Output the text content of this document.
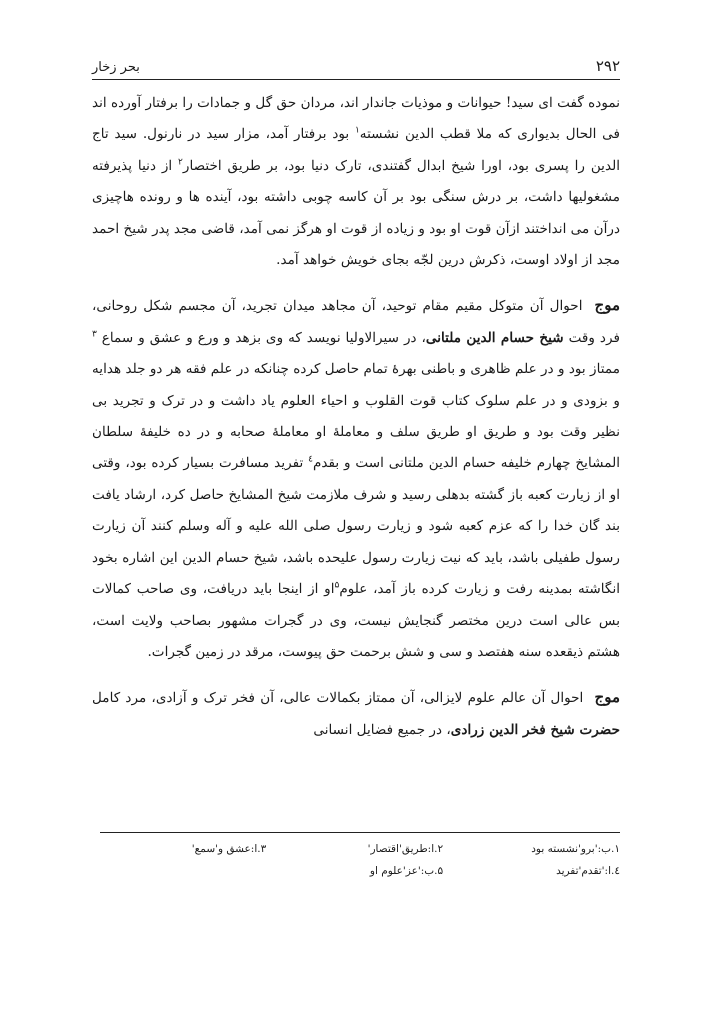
بحر زخار	۲۹۲

نموده گفت ای سید! حیوانات و موذیات جاندار اند، مردان حق گل و جمادات را برفتار آورده اند فی الحال بدیواری که ملا قطب الدین نشسته$^۱$ بود برفتار آمد، مزار سید در نارنول. سید تاج الدین را پسری بود، اورا شیخ ابدال گفتندی، تارک دنیا بود، بر طریق اختصار$^۲$ از دنیا پذیرفته مشغولیها داشت، بر درش سنگی بود بر آن کاسه چوبی داشته بود، آینده ها و رونده هاچیزی درآن می انداختند ازآن قوت او بود و زیاده از قوت او هرگز نمی آمد، قاضی مجد پدر شیخ احمد مجد از اولاد اوست، ذکرش درین لجّه بجای خویش خواهد آمد.

موج احوال آن متوکل مقیم مقام توحید، آن مجاهد میدان تجرید، آن مجسم شکل روحانی، فرد وقت شیخ حسام الدین ملتانی، در سیرالاولیا نویسد که وی بزهد و ورع و عشق و سماع $^۳$ ممتاز بود و در علم ظاهری و باطنی بهرهٔ تمام حاصل کرده چنانکه در علم فقه هر دو جلد هدایه و بزودی و در علم سلوک کتاب قوت القلوب و احیاء العلوم یاد داشت و در ترک و تجرید بی نظیر وقت بود و طریق او طریق سلف و معاملهٔ او معاملهٔ صحابه و در ده خلیفهٔ سلطان المشایخ چهارم خلیفه حسام الدین ملتانی است و بقدم$^٤$ تفرید مسافرت بسیار کرده بود، وقتی او از زیارت کعبه باز گشته بدهلی رسید و شرف ملازمت شیخ المشایخ حاصل کرد، ارشاد یافت بند گان خدا را که عزم کعبه شود و زیارت رسول صلی الله علیه و آله وسلم کنند آن زیارت رسول طفیلی باشد، باید که نیت زیارت رسول علیحده باشد، شیخ حسام الدین این اشاره بخود انگاشته بمدینه رفت و زیارت کرده باز آمد، علوم$^۵$او از اینجا باید دریافت، وی صاحب کمالات بس عالی است درین مختصر گنجایش نیست، وی در گجرات مشهور بصاحب ولایت است، هشتم ذیقعده سنه هفتصد و سی و شش برحمت حق پیوست، مرقد در زمین گجرات.

موج احوال آن عالم علوم لایزالی، آن ممتاز بکمالات عالی، آن فخر ترک و آزادی، مرد کامل حضرت شیخ فخر الدین زرادی، در جمیع فضایل انسانی

۱.ب:'برو'نشسته بود
۲.ا:طریق'اقتصار'
۳.ا:عشق و'سمع'
٤.ا:'تقدم'تفرید
۵.ب:'عز'علوم او
